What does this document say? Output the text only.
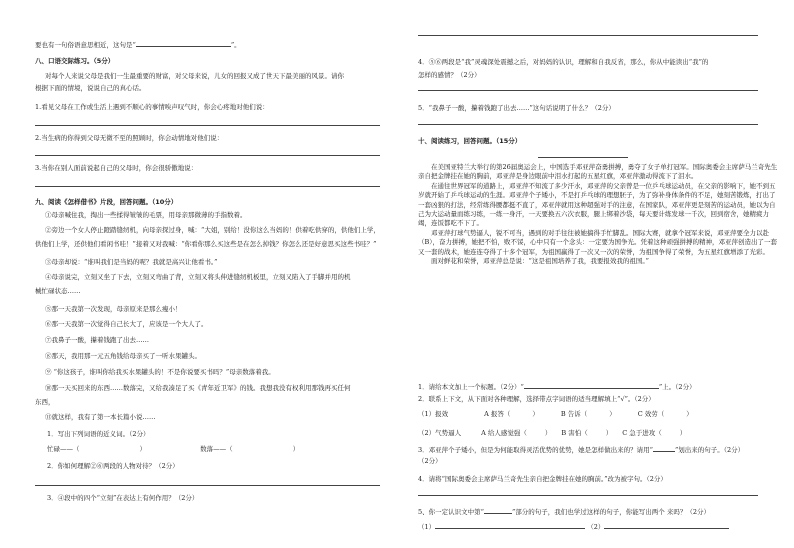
要也有一句俗语意思相近，这句是“	”。
八、口语交际练习。（5分）
对每个人来说父母是我们一生最重要的财富，对父母来说，儿女的回报又成了世天下最美丽的风景。请你
根据下面的情境，说说自己的真心话。
1.看见父母在工作或生活上遇到不顺心的事情唉声叹气时，你会心疼地对他们说：
2.当生病的你得到父母无微不至的照顾时，你会动情地对他们说：
3.当你在别人面前说起自己的父母时，你会很骄傲地说：
九、阅读《怎样借书》片段，回答问题。（10分）
①母亲喊住我，掏出一些揉得皱皱的毛票，用母亲那微薄的手指数着。
②旁边一个女人停止蹬踏缝纫机，向母亲探过身，喊：“大姐，别给！没你这么当妈的！供着吃供穿的，供他们上学，
供他们上学，还供他们看闲书哇！”接着又对我喊：“你看你那么买这些是在怎么掉钱？你怎么还是好意思买这些书哇？”
③母亲却说：“谁叫我们是当妈的呢？我就是高兴让他看书。”
④母亲说完，立刻又坐了下去，立刻又弯曲了背，立刻又将头伸进缝纫机板里，立刻又陷入了手脚并用的机
械忙碌状态……
⑤那一天我第一次发现，母亲原来是那么瘦小！
⑥那一天我第一次觉得自己长大了，应该是一个大人了。
⑦我鼻子一酸，攥着钱跑了出去……
⑧那天，我用那一元五角钱给母亲买了一听水果罐头。
⑨ “你这孩子，谁叫你给我买水果罐头的！不是你说要买书吗？”母亲数落着我。
⑩那一天买回来的东西……数落完，又给我凑足了买《青年近卫军》的钱。我想我没有权利用那钱再买任何
东西，
⑪就这样，我有了第一本长篇小说……
1．写出下列词语的近义词。（2分）
忙碌——（	）	数落——（	）
2．你如何理解②⑥两段的人物对待？（2分）
3．④段中的四个“立刻”在表达上有何作用？（2分）
4．⑤⑥两段是“我”灵魂深处震撼之后，对妈妈的认识，理解和自我反省，那么，你从中能读出“我”的
怎样的感情？（2分）
5．“我鼻子一酸，攥着钱跑了出去……”这句话说明了什么？（2分）
十、阅读练习，回答问题。（15分）

在美国亚特兰大举行的第26届奥运会上，中国选手邓亚萍奋勇拼搏，勇夺了女子单打冠军。国际奥委会主席萨马兰奇先生亲自把金牌挂在她的胸前，邓亚萍是身边眼前中泪水打起的五星红旗，邓亚萍激动得流下了泪水。

在通往世界冠军的道路上，邓亚萍不知流了多少汗水，邓亚萍的父亲曾是一位乒乓球运动员，在父亲的影响下，她不到五岁就开始了乒乓球运动的生涯。邓亚萍个子矮小，不是打乒乓球的理想胚子，为了弥补身体条件的不足，她刻苦锻炼，打出了一套凶狠的打法，经常练得腰都挺不直了，邓亚萍就用这种超强对手的注意，在国家队，邓亚萍更是刻苦的运动员，她以为自己为大运动量而练习练，一练一身汗，一天要换五六次衣服，腿上绑着沙袋，每天要计练发球一千次，回到宿舍，她精疲力竭，连饭都吃不下了。

邓亚萍打球气势逼人，锐不可当，遇到的对手往往被她搞得手忙脚乱。国际大赛，就拿个冠军来说，邓亚萍要全力以赴（B），奋力拼搏，她把不怕，败不馁，心中只有一个念头：一定要为国争光。凭着这种顽强拼搏的精神，邓亚萍创造出了一套又一套的战术，她连连夺得了十多个冠军，为祖国赢得了一次又一次的荣誉，为祖国争得了荣誉，为五星红旗增添了光彩。

面对鲜花和荣誉，邓亚萍总是说：“这是祖国培养了我，我要报效我的祖国。”

1．请给本文加上一个标题。（2分）“	”上。（2分）
2．联系上下文，从下面对各种理解，选择带点字词语的适当理解填上“√”。（2分）
（1）报效	A 报答（	）	B 告诉（	）	C 效劳（	）
（2）气势逼人	A 给人感觉强（	） B 害怕（	） C 急于进攻（	）
3．邓亚萍个子矮小，但是为何能取得灵活优势的优势，她是怎样做出来的？请用“	”划出来的句子。（2分）
（2分）
4．请将“国际奥委会主席萨马兰奇先生亲自把金牌挂在她的胸前。”改为被字句。（2分）
5、你一定认识文中第“	”部分的句子，我们也学过这样的句子，你能写出两个 来吗？（2分）
（1）	（2）
